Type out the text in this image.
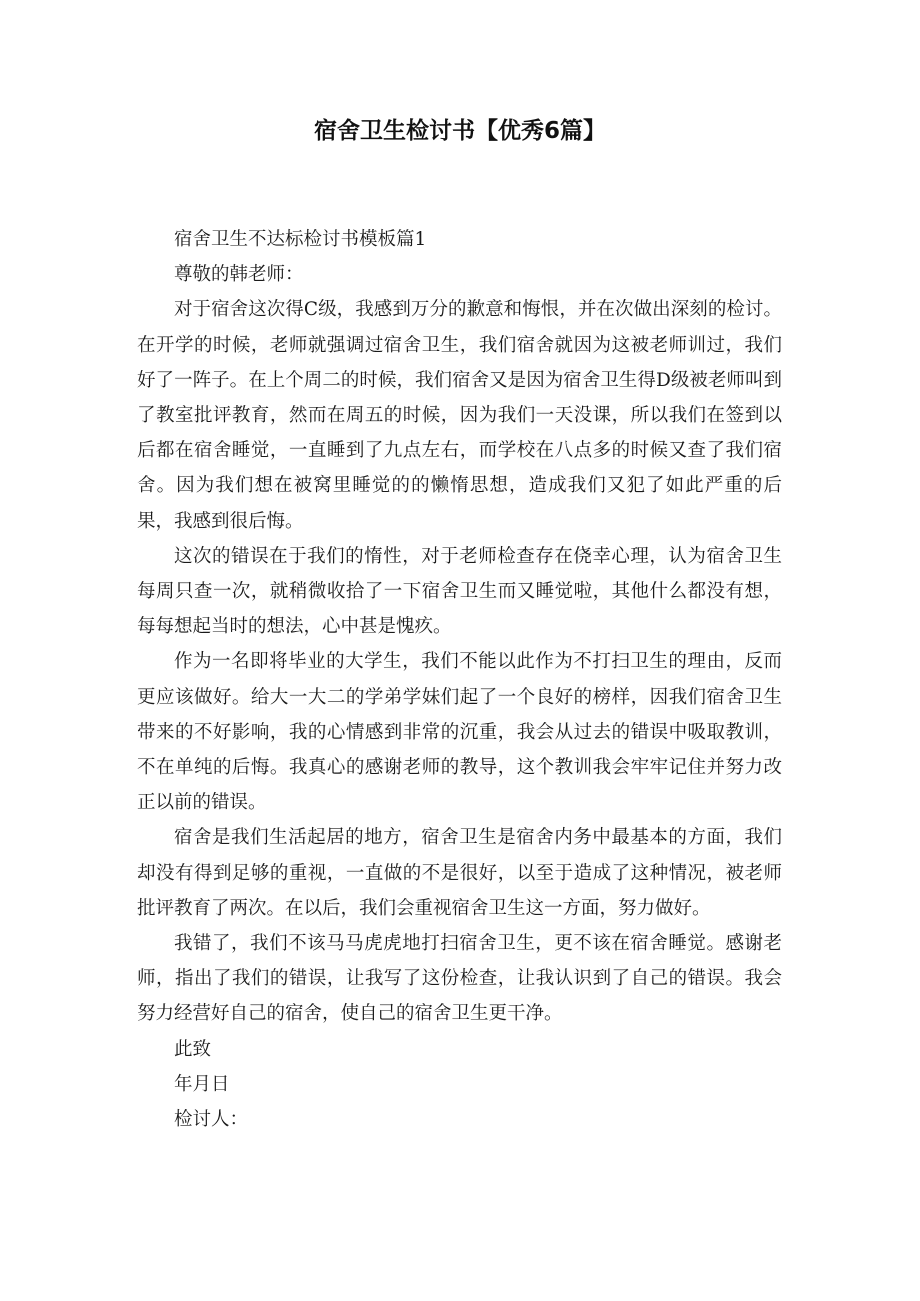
宿舍卫生检讨书【优秀6篇】

宿舍卫生不达标检讨书模板篇1

尊敬的韩老师：

对于宿舍这次得C级，我感到万分的歉意和悔恨，并在次做出深刻的检讨。在开学的时候，老师就强调过宿舍卫生，我们宿舍就因为这被老师训过，我们好了一阵子。在上个周二的时候，我们宿舍又是因为宿舍卫生得D级被老师叫到了教室批评教育，然而在周五的时候，因为我们一天没课，所以我们在签到以后都在宿舍睡觉，一直睡到了九点左右，而学校在八点多的时候又查了我们宿舍。因为我们想在被窝里睡觉的的懒惰思想，造成我们又犯了如此严重的后果，我感到很后悔。

这次的错误在于我们的惰性，对于老师检查存在侥幸心理，认为宿舍卫生每周只查一次，就稍微收拾了一下宿舍卫生而又睡觉啦，其他什么都没有想，每每想起当时的想法，心中甚是愧疚。

作为一名即将毕业的大学生，我们不能以此作为不打扫卫生的理由，反而更应该做好。给大一大二的学弟学妹们起了一个良好的榜样，因我们宿舍卫生带来的不好影响，我的心情感到非常的沉重，我会从过去的错误中吸取教训，不在单纯的后悔。我真心的感谢老师的教导，这个教训我会牢牢记住并努力改正以前的错误。

宿舍是我们生活起居的地方，宿舍卫生是宿舍内务中最基本的方面，我们却没有得到足够的重视，一直做的不是很好，以至于造成了这种情况，被老师批评教育了两次。在以后，我们会重视宿舍卫生这一方面，努力做好。

我错了，我们不该马马虎虎地打扫宿舍卫生，更不该在宿舍睡觉。感谢老师，指出了我们的错误，让我写了这份检查，让我认识到了自己的错误。我会努力经营好自己的宿舍，使自己的宿舍卫生更干净。

此致

年月日

检讨人：
